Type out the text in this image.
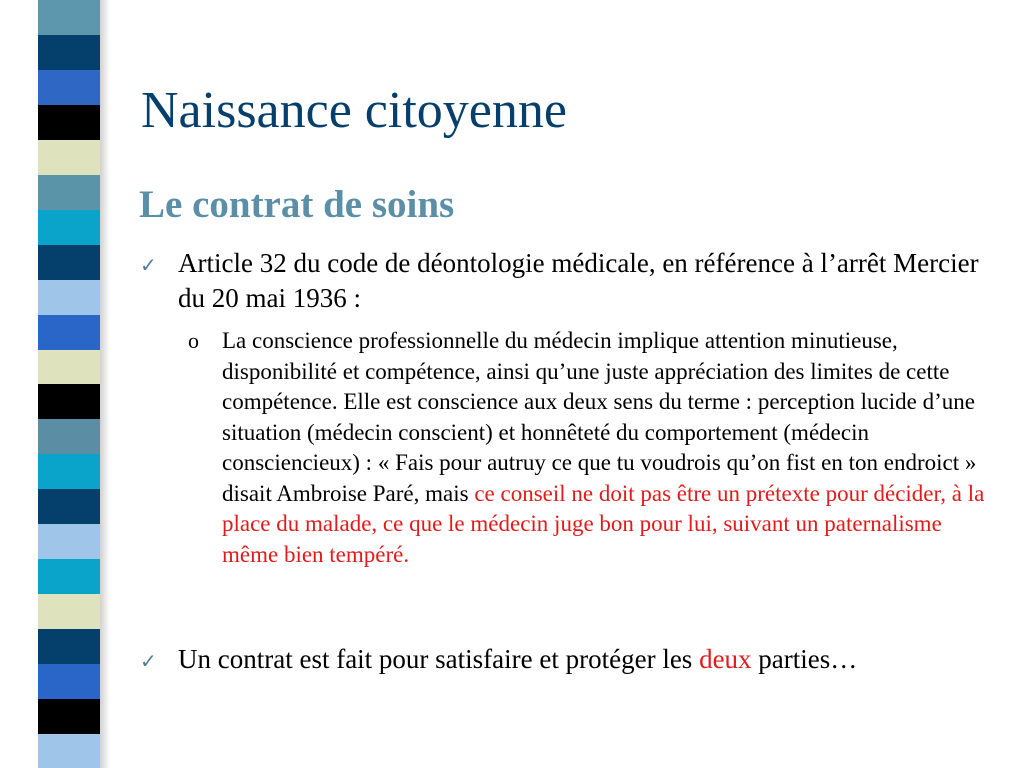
Naissance citoyenne
Le contrat de soins
✓ Article 32 du code de déontologie médicale, en référence à l’arrêt Mercier du 20 mai 1936 :
o La conscience professionnelle du médecin implique attention minutieuse, disponibilité et compétence, ainsi qu’une juste appréciation des limites de cette compétence. Elle est conscience aux deux sens du terme : perception lucide d’une situation (médecin conscient) et honnêteté du comportement (médecin consciencieux) : « Fais pour autruy ce que tu voudrois qu’on fist en ton endroict » disait Ambroise Paré, mais ce conseil ne doit pas être un prétexte pour décider, à la place du malade, ce que le médecin juge bon pour lui, suivant un paternalisme même bien tempéré.
✓ Un contrat est fait pour satisfaire et protéger les deux parties…
